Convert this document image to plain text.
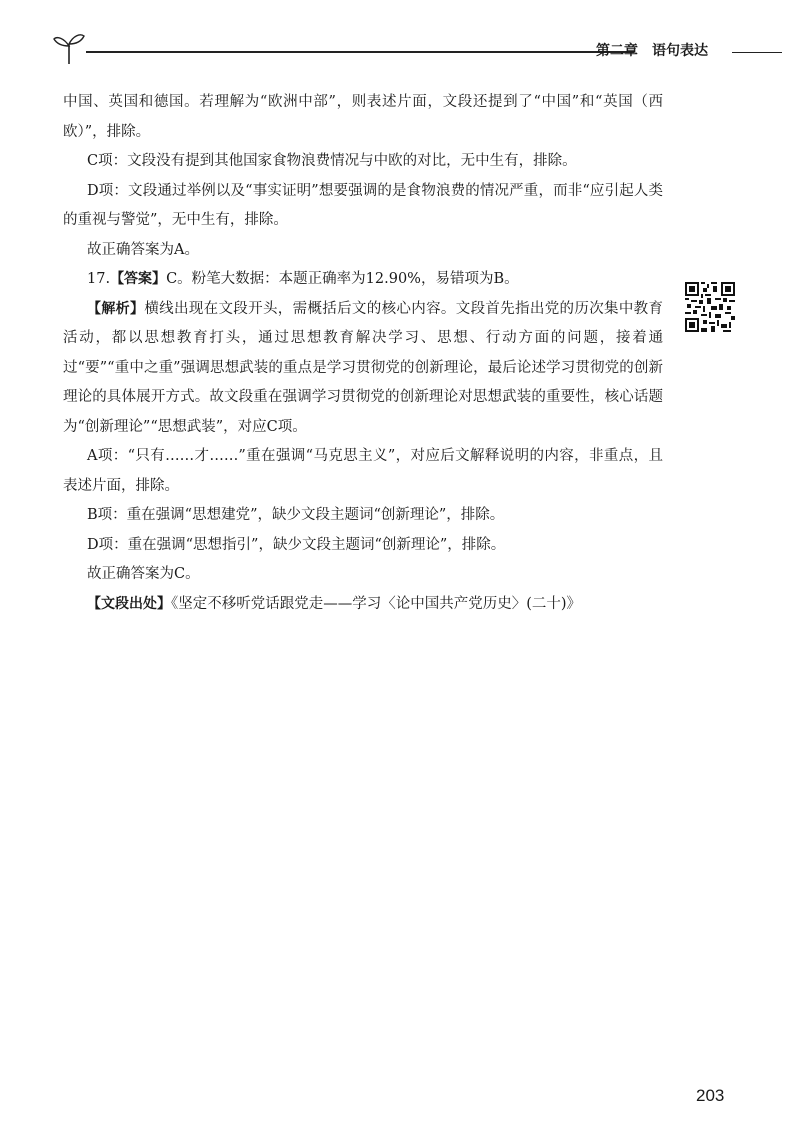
第二章 语句表达

中国、英国和德国。若理解为“欧洲中部”，则表述片面，文段还提到了“中国”和“英国（西欧）”，排除。

C项：文段没有提到其他国家食物浪费情况与中欧的对比，无中生有，排除。

D项：文段通过举例以及“事实证明”想要强调的是食物浪费的情况严重，而非“应引起人类的重视与警觉”，无中生有，排除。

故正确答案为A。

17.【答案】C。粉笔大数据：本题正确率为12.90%，易错项为B。

【解析】横线出现在文段开头，需概括后文的核心内容。文段首先指出党的历次集中教育活动，都以思想教育打头，通过思想教育解决学习、思想、行动方面的问题，接着通过“要”“重中之重”强调思想武装的重点是学习贯彻党的创新理论，最后论述学习贯彻党的创新理论的具体展开方式。故文段重在强调学习贯彻党的创新理论对思想武装的重要性，核心话题为“创新理论”“思想武装”，对应C项。

A项：“只有……才……”重在强调“马克思主义”，对应后文解释说明的内容，非重点，且表述片面，排除。

B项：重在强调“思想建党”，缺少文段主题词“创新理论”，排除。

D项：重在强调“思想指引”，缺少文段主题词“创新理论”，排除。

故正确答案为C。

【文段出处】《坚定不移听党话跟党走——学习〈论中国共产党历史〉(二十)》

203
